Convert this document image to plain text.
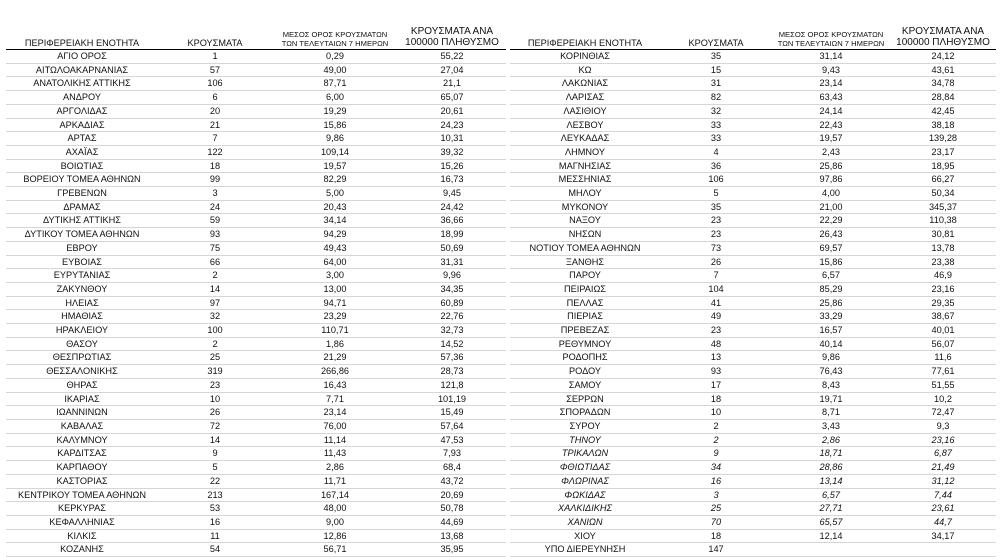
ΠΕΡΙΦΕΡΕΙΑΚΗ ΕΝΟΤΗΤΑ	ΚΡΟΥΣΜΑΤΑ	ΜΕΣΟΣ ΟΡΟΣ ΚΡΟΥΣΜΑΤΩΝ ΤΩΝ ΤΕΛΕΥΤΑΙΩΝ 7 ΗΜΕΡΩΝ	ΚΡΟΥΣΜΑΤΑ ΑΝΑ 100000 ΠΛΗΘΥΣΜΟ
ΑΓΙΟ ΟΡΟΣ	1	0,29	55,22
ΑΙΤΩΛΟΑΚΑΡΝΑΝΙΑΣ	57	49,00	27,04
ΑΝΑΤΟΛΙΚΗΣ ΑΤΤΙΚΗΣ	106	87,71	21,1
ΑΝΔΡΟΥ	6	6,00	65,07
ΑΡΓΟΛΙΔΑΣ	20	19,29	20,61
ΑΡΚΑΔΙΑΣ	21	15,86	24,23
ΑΡΤΑΣ	7	9,86	10,31
ΑΧΑΪΑΣ	122	109,14	39,32
ΒΟΙΩΤΙΑΣ	18	19,57	15,26
ΒΟΡΕΙΟΥ ΤΟΜΕΑ ΑΘΗΝΩΝ	99	82,29	16,73
ΓΡΕΒΕΝΩΝ	3	5,00	9,45
ΔΡΑΜΑΣ	24	20,43	24,42
ΔΥΤΙΚΗΣ ΑΤΤΙΚΗΣ	59	34,14	36,66
ΔΥΤΙΚΟΥ ΤΟΜΕΑ ΑΘΗΝΩΝ	93	94,29	18,99
ΕΒΡΟΥ	75	49,43	50,69
ΕΥΒΟΙΑΣ	66	64,00	31,31
ΕΥΡΥΤΑΝΙΑΣ	2	3,00	9,96
ΖΑΚΥΝΘΟΥ	14	13,00	34,35
ΗΛΕΙΑΣ	97	94,71	60,89
ΗΜΑΘΙΑΣ	32	23,29	22,76
ΗΡΑΚΛΕΙΟΥ	100	110,71	32,73
ΘΑΣΟΥ	2	1,86	14,52
ΘΕΣΠΡΩΤΙΑΣ	25	21,29	57,36
ΘΕΣΣΑΛΟΝΙΚΗΣ	319	266,86	28,73
ΘΗΡΑΣ	23	16,43	121,8
ΙΚΑΡΙΑΣ	10	7,71	101,19
ΙΩΑΝΝΙΝΩΝ	26	23,14	15,49
ΚΑΒΑΛΑΣ	72	76,00	57,64
ΚΑΛΥΜΝΟΥ	14	11,14	47,53
ΚΑΡΔΙΤΣΑΣ	9	11,43	7,93
ΚΑΡΠΑΘΟΥ	5	2,86	68,4
ΚΑΣΤΟΡΙΑΣ	22	11,71	43,72
ΚΕΝΤΡΙΚΟΥ ΤΟΜΕΑ ΑΘΗΝΩΝ	213	167,14	20,69
ΚΕΡΚΥΡΑΣ	53	48,00	50,78
ΚΕΦΑΛΛΗΝΙΑΣ	16	9,00	44,69
ΚΙΛΚΙΣ	11	12,86	13,68
ΚΟΖΑΝΗΣ	54	56,71	35,95
ΠΕΡΙΦΕΡΕΙΑΚΗ ΕΝΟΤΗΤΑ	ΚΡΟΥΣΜΑΤΑ	ΜΕΣΟΣ ΟΡΟΣ ΚΡΟΥΣΜΑΤΩΝ ΤΩΝ ΤΕΛΕΥΤΑΙΩΝ 7 ΗΜΕΡΩΝ	ΚΡΟΥΣΜΑΤΑ ΑΝΑ 100000 ΠΛΗΘΥΣΜΟ
ΚΟΡΙΝΘΙΑΣ	35	31,14	24,12
ΚΩ	15	9,43	43,61
ΛΑΚΩΝΙΑΣ	31	23,14	34,78
ΛΑΡΙΣΑΣ	82	63,43	28,84
ΛΑΣΙΘΙΟΥ	32	24,14	42,45
ΛΕΣΒΟΥ	33	22,43	38,18
ΛΕΥΚΑΔΑΣ	33	19,57	139,28
ΛΗΜΝΟΥ	4	2,43	23,17
ΜΑΓΝΗΣΙΑΣ	36	25,86	18,95
ΜΕΣΣΗΝΙΑΣ	106	97,86	66,27
ΜΗΛΟΥ	5	4,00	50,34
ΜΥΚΟΝΟΥ	35	21,00	345,37
ΝΑΞΟΥ	23	22,29	110,38
ΝΗΣΩΝ	23	26,43	30,81
ΝΟΤΙΟΥ ΤΟΜΕΑ ΑΘΗΝΩΝ	73	69,57	13,78
ΞΑΝΘΗΣ	26	15,86	23,38
ΠΑΡΟΥ	7	6,57	46,9
ΠΕΙΡΑΙΩΣ	104	85,29	23,16
ΠΕΛΛΑΣ	41	25,86	29,35
ΠΙΕΡΙΑΣ	49	33,29	38,67
ΠΡΕΒΕΖΑΣ	23	16,57	40,01
ΡΕΘΥΜΝΟΥ	48	40,14	56,07
ΡΟΔΟΠΗΣ	13	9,86	11,6
ΡΟΔΟΥ	93	76,43	77,61
ΣΑΜΟΥ	17	8,43	51,55
ΣΕΡΡΩΝ	18	19,71	10,2
ΣΠΟΡΑΔΩΝ	10	8,71	72,47
ΣΥΡΟΥ	2	3,43	9,3
ΤΗΝΟΥ	2	2,86	23,16
ΤΡΙΚΑΛΩΝ	9	18,71	6,87
ΦΘΙΩΤΙΔΑΣ	34	28,86	21,49
ΦΛΩΡΙΝΑΣ	16	13,14	31,12
ΦΩΚΙΔΑΣ	3	6,57	7,44
ΧΑΛΚΙΔΙΚΗΣ	25	27,71	23,61
ΧΑΝΙΩΝ	70	65,57	44,7
ΧΙΟΥ	18	12,14	34,17
ΥΠΟ ΔΙΕΡΕΥΝΗΣΗ	147		
